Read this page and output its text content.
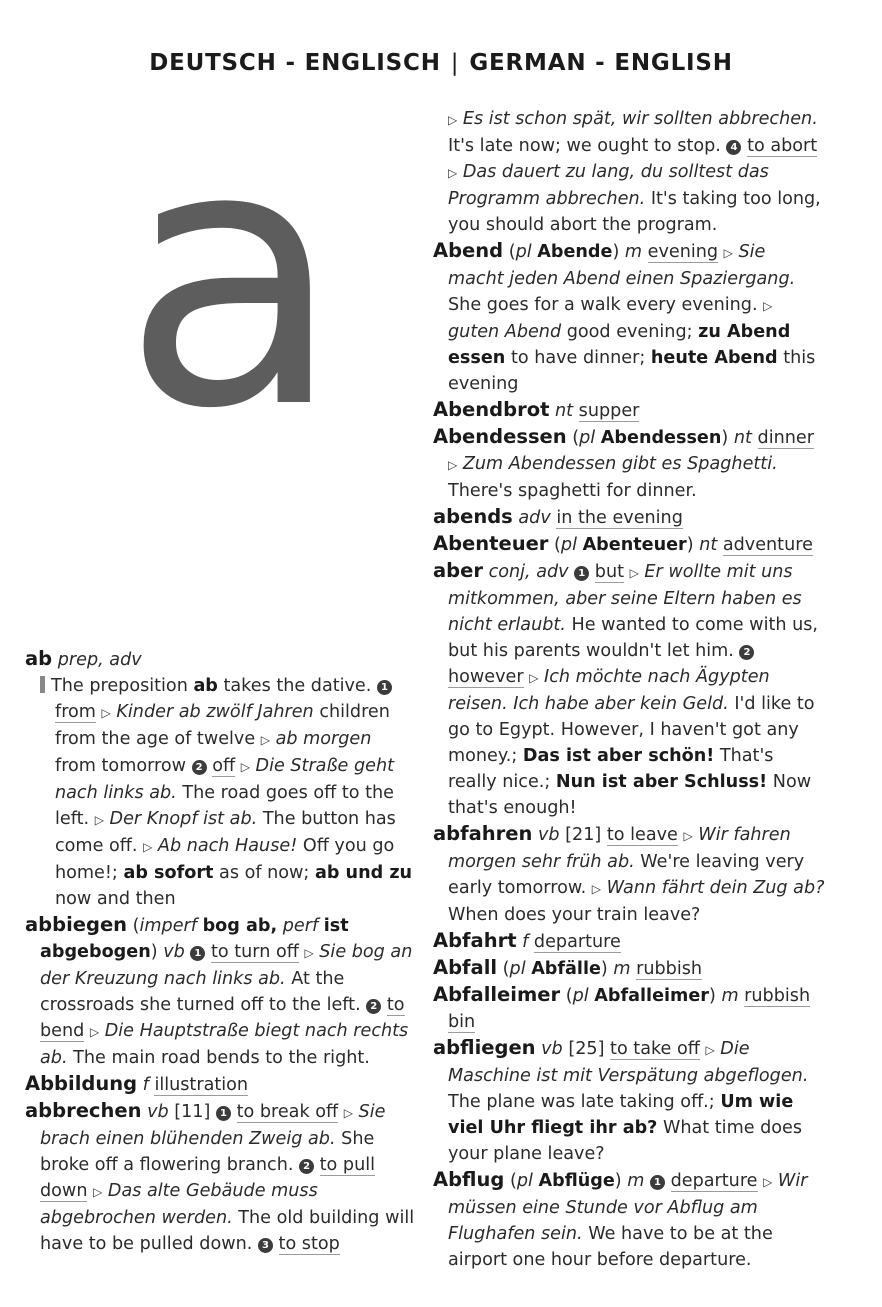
DEUTSCH - ENGLISCH | GERMAN - ENGLISH
a
ab prep, adv
The preposition ab takes the dative. 1 from ▷ Kinder ab zwölf Jahren children from the age of twelve ▷ ab morgen from tomorrow 2 off ▷ Die Straße geht nach links ab. The road goes off to the left. ▷ Der Knopf ist ab. The button has come off. ▷ Ab nach Hause! Off you go home!; ab sofort as of now; ab und zu now and then
abbiegen (imperf bog ab, perf ist abgebogen) vb 1 to turn off ▷ Sie bog an der Kreuzung nach links ab. At the crossroads she turned off to the left. 2 to bend ▷ Die Hauptstraße biegt nach rechts ab. The main road bends to the right.
Abbildung f illustration
abbrechen vb [11] 1 to break off ▷ Sie brach einen blühenden Zweig ab. She broke off a flowering branch. 2 to pull down ▷ Das alte Gebäude muss abgebrochen werden. The old building will have to be pulled down. 3 to stop
▷ Es ist schon spät, wir sollten abbrechen. It's late now; we ought to stop. 4 to abort ▷ Das dauert zu lang, du solltest das Programm abbrechen. It's taking too long, you should abort the program.
Abend (pl Abende) m evening ▷ Sie macht jeden Abend einen Spaziergang. She goes for a walk every evening. ▷ guten Abend good evening; zu Abend essen to have dinner; heute Abend this evening
Abendbrot nt supper
Abendessen (pl Abendessen) nt dinner ▷ Zum Abendessen gibt es Spaghetti. There's spaghetti for dinner.
abends adv in the evening
Abenteuer (pl Abenteuer) nt adventure
aber conj, adv 1 but ▷ Er wollte mit uns mitkommen, aber seine Eltern haben es nicht erlaubt. He wanted to come with us, but his parents wouldn't let him. 2 however ▷ Ich möchte nach Ägypten reisen. Ich habe aber kein Geld. I'd like to go to Egypt. However, I haven't got any money.; Das ist aber schön! That's really nice.; Nun ist aber Schluss! Now that's enough!
abfahren vb [21] to leave ▷ Wir fahren morgen sehr früh ab. We're leaving very early tomorrow. ▷ Wann fährt dein Zug ab? When does your train leave?
Abfahrt f departure
Abfall (pl Abfälle) m rubbish
Abfalleimer (pl Abfalleimer) m rubbish bin
abfliegen vb [25] to take off ▷ Die Maschine ist mit Verspätung abgeflogen. The plane was late taking off.; Um wie viel Uhr fliegt ihr ab? What time does your plane leave?
Abflug (pl Abflüge) m 1 departure ▷ Wir müssen eine Stunde vor Abflug am Flughafen sein. We have to be at the airport one hour before departure.
